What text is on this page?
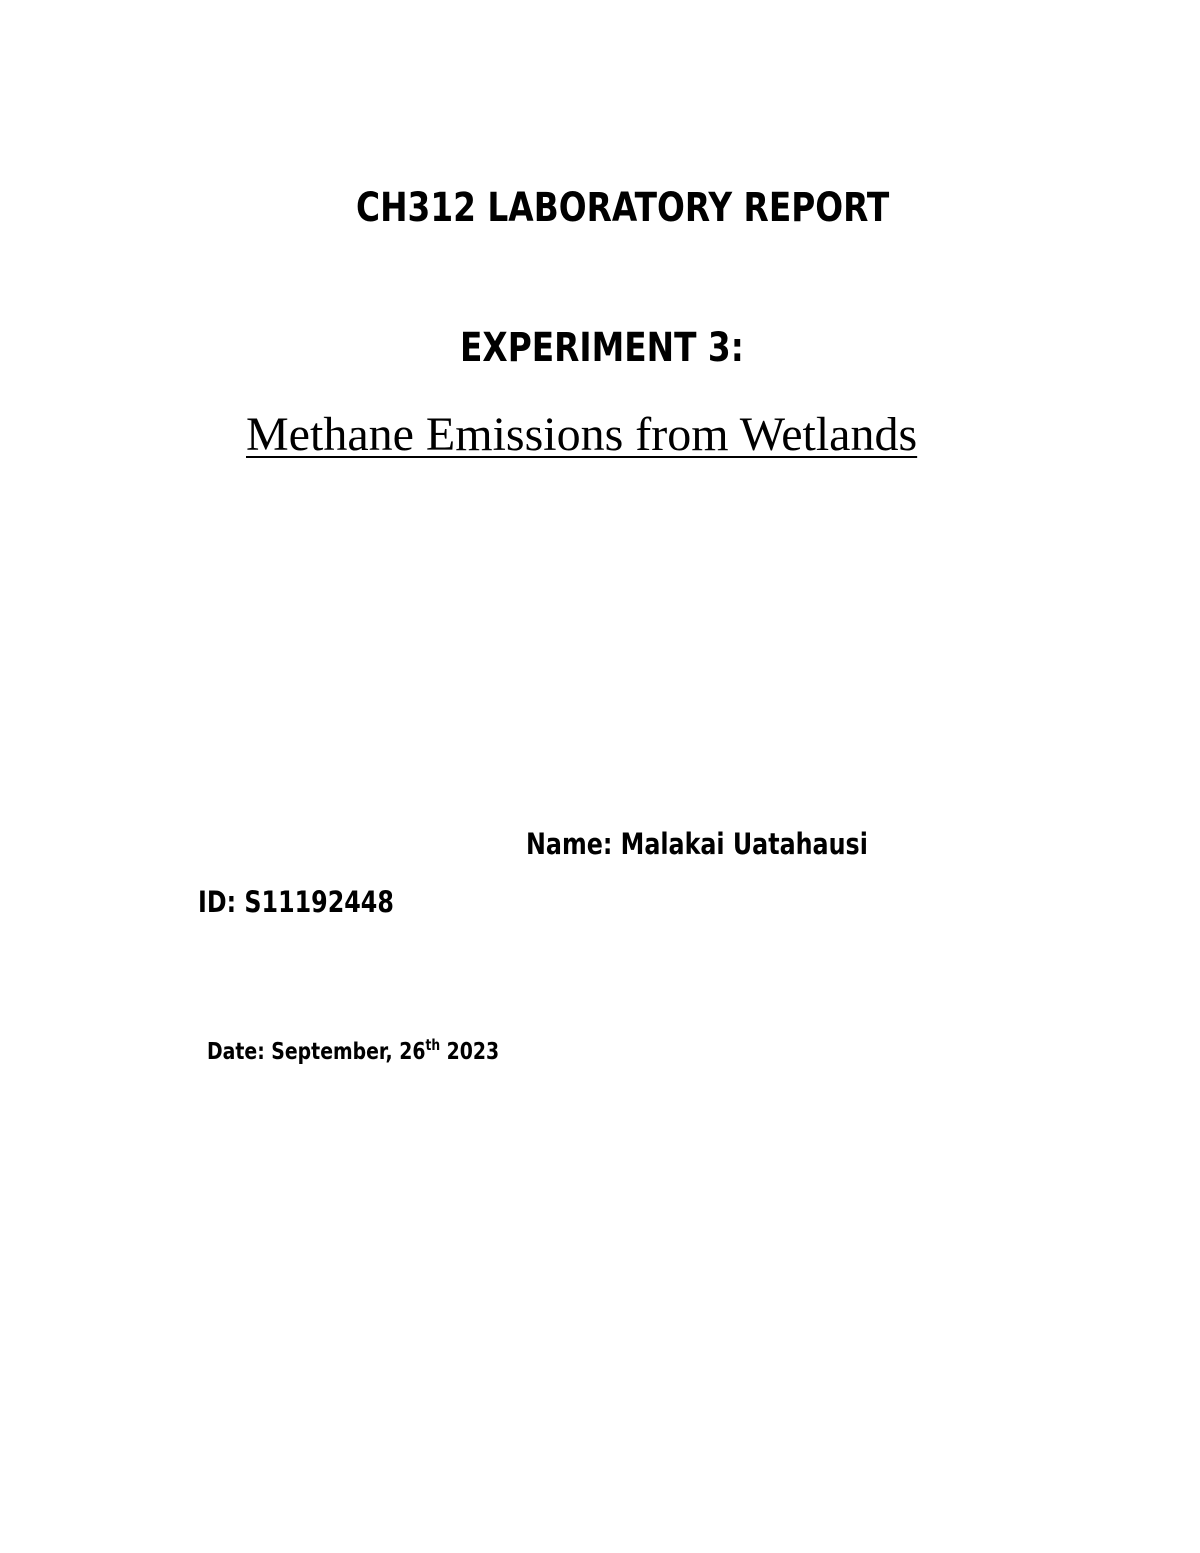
CH312 LABORATORY REPORT
EXPERIMENT 3:
Methane Emissions from Wetlands
Name: Malakai Uatahausi
ID: S11192448
Date: September, 26th 2023
